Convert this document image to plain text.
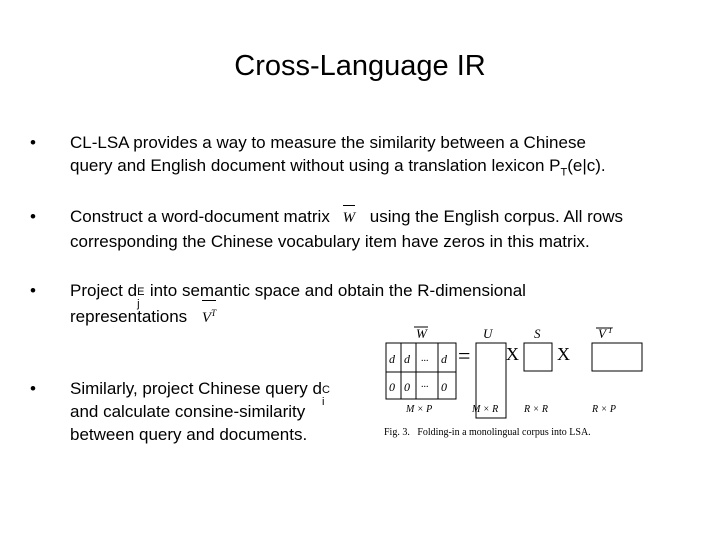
Cross-Language IR
•	CL-LSA provides a way to measure the similarity between a Chinese
query and English document without using a translation lexicon $P_T(e|c)$.
•	Construct a word-document matrix W using the English corpus. All rows
corresponding the Chinese vocabulary item have zeros in this matrix.
•	Project d E
j
into semantic space and obtain the R-dimensional
representations $V^T$
•	Similarly, project Chinese query d C
i
and calculate consine-similarity
between query and documents.
W	U	S	V T
d d ... d
0 0 ... 0
= X X
M × P	M × R	R × R	R × P
Fig. 3.   Folding-in a monolingual corpus into LSA.
